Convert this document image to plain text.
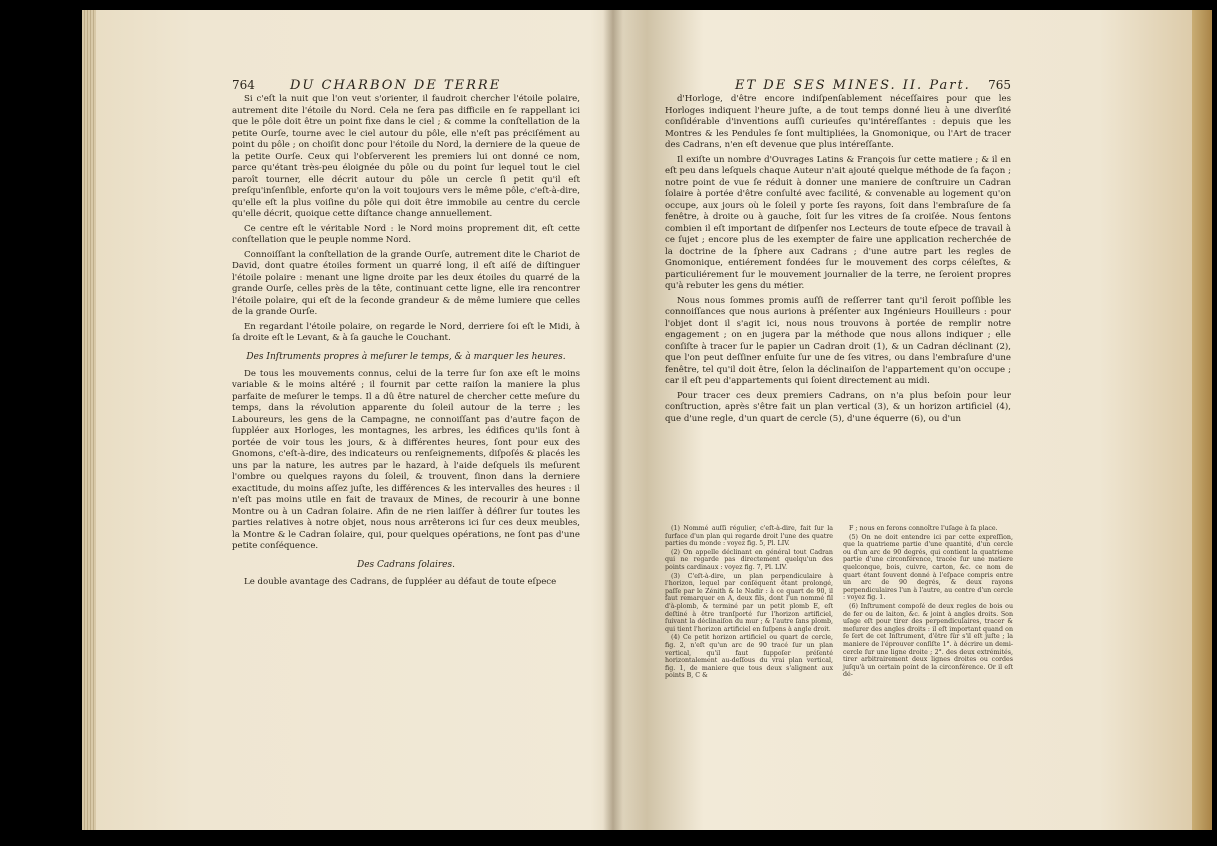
764	DU CHARBON DE TERRE

Si c'eſt la nuit que l'on veut s'orienter, il faudroit chercher l'étoile polaire, autrement dite l'étoile du Nord. Cela ne ſera pas difficile en ſe rappellant ici que le pôle doit être un point fixe dans le ciel ; & comme la conſtellation de la petite Ourſe, tourne avec le ciel autour du pôle, elle n'eſt pas préciſément au point du pôle ; on choiſit donc pour l'étoile du Nord, la derniere de la queue de la petite Ourſe. Ceux qui l'obſerverent les premiers lui ont donné ce nom, parce qu'étant très-peu éloignée du pôle ou du point ſur lequel tout le ciel paroît tourner, elle décrit autour du pôle un cercle ſi petit qu'il eſt preſqu'inſenſible, enforte qu'on la voit toujours vers le même pôle, c'eſt-à-dire, qu'elle eſt la plus voiſine du pôle qui doit être immobile au centre du cercle qu'elle décrit, quoique cette diſtance change annuellement.

Ce centre eſt le véritable Nord : le Nord moins proprement dit, eſt cette conſtellation que le peuple nomme Nord.

Connoiſſant la conſtellation de la grande Ourſe, autrement dite le Chariot de David, dont quatre étoiles forment un quarré long, il eſt aiſé de diſtinguer l'étoile polaire : menant une ligne droite par les deux étoiles du quarré de la grande Ourſe, celles près de la tête, continuant cette ligne, elle ira rencontrer l'étoile polaire, qui eſt de la ſeconde grandeur & de même lumiere que celles de la grande Ourſe.

En regardant l'étoile polaire, on regarde le Nord, derriere ſoi eſt le Midi, à ſa droite eſt le Levant, & à ſa gauche le Couchant.

Des Inſtruments propres à meſurer le temps, & à marquer les heures.

De tous les mouvements connus, celui de la terre ſur ſon axe eſt le moins variable & le moins altéré ; il fournit par cette raiſon la maniere la plus parfaite de meſurer le temps. Il a dû être naturel de chercher cette meſure du temps, dans la révolution apparente du ſoleil autour de la terre ; les Laboureurs, les gens de la Campagne, ne connoiſſant pas d'autre façon de ſuppléer aux Horloges, les montagnes, les arbres, les édifices qu'ils ſont à portée de voir tous les jours, & à différentes heures, ſont pour eux des Gnomons, c'eſt-à-dire, des indicateurs ou renſeignements, diſpoſés & placés les uns par la nature, les autres par le hazard, à l'aide deſquels ils meſurent l'ombre ou quelques rayons du ſoleil, & trouvent, ſinon dans la derniere exactitude, du moins aſſez juſte, les différences & les intervalles des heures : il n'eſt pas moins utile en fait de travaux de Mines, de recourir à une bonne Montre ou à un Cadran ſolaire. Afin de ne rien laiſſer à déſirer ſur toutes les parties relatives à notre objet, nous nous arrêterons ici ſur ces deux meubles, la Montre & le Cadran ſolaire, qui, pour quelques opérations, ne ſont pas d'une petite conſéquence.

Des Cadrans ſolaires.

Le double avantage des Cadrans, de ſuppléer au défaut de toute eſpece

ET DE SES MINES. II. Part. 765

d'Horloge, d'être encore indiſpenſablement néceſſaires pour que les Horloges indiquent l'heure juſte, a de tout temps donné lieu à une diverſité conſidérable d'inventions auſſi curieuſes qu'intéreſſantes : depuis que les Montres & les Pendules ſe ſont multipliées, la Gnomonique, ou l'Art de tracer des Cadrans, n'en eſt devenue que plus intéreſſante.

Il exiſte un nombre d'Ouvrages Latins & François ſur cette matiere ; & il en eſt peu dans leſquels chaque Auteur n'ait ajouté quelque méthode de ſa façon ; notre point de vue ſe réduit à donner une maniere de conſtruire un Cadran ſolaire à portée d'être conſulté avec facilité, & convenable au logement qu'on occupe, aux jours où le ſoleil y porte ſes rayons, ſoit dans l'embraſure de ſa fenêtre, à droite ou à gauche, ſoit ſur les vitres de ſa croiſée. Nous ſentons combien il eſt important de diſpenſer nos Lecteurs de toute eſpece de travail à ce ſujet ; encore plus de les exempter de faire une application recherchée de la doctrine de la ſphere aux Cadrans ; d'une autre part les regles de Gnomonique, entiérement fondées ſur le mouvement des corps céleſtes, & particuliérement ſur le mouvement journalier de la terre, ne ſeroient propres qu'à rebuter les gens du métier.

Nous nous ſommes promis auſſi de reſſerrer tant qu'il ſeroit poſſible les connoiſſances que nous aurions à préſenter aux Ingénieurs Houilleurs : pour l'objet dont il s'agit ici, nous nous trouvons à portée de remplir notre engagement ; on en jugera par la méthode que nous allons indiquer ; elle conſiſte à tracer ſur le papier un Cadran droit (1), & un Cadran déclinant (2), que l'on peut deſſiner enſuite ſur une de ſes vitres, ou dans l'embraſure d'une fenêtre, tel qu'il doit être, ſelon la déclinaiſon de l'appartement qu'on occupe ; car il eſt peu d'appartements qui ſoient directement au midi.

Pour tracer ces deux premiers Cadrans, on n'a plus beſoin pour leur conſtruction, après s'être fait un plan vertical (3), & un horizon artificiel (4), que d'une regle, d'un quart de cercle (5), d'une équerre (6), ou d'un

(1) Nommé auſſi régulier, c'eſt-à-dire, fait ſur la ſurface d'un plan qui regarde droit l'une des quatre parties du monde : voyez fig. 5, Pl. LIV.

(2) On appelle déclinant en général tout Cadran qui ne regarde pas directement quelqu'un des points cardinaux : voyez fig. 7, Pl. LIV.

(3) C'eſt-à-dire, un plan perpendiculaire à l'horizon, lequel par conſéquent étant prolongé, paſſe par le Zénith & le Nadir : à ce quart de 90, il faut remarquer en A, deux fils, dont l'un nommé fil d'à-plomb, & terminé par un petit plomb E, eſt deſtiné à être tranſporté ſur l'horizon artificiel, ſuivant la déclinaiſon du mur ; & l'autre ſans plomb, qui tient l'horizon artificiel en ſuſpens à angle droit.

(4) Ce petit horizon artificiel ou quart de cercle, fig. 2, n'eſt qu'un arc de 90 tracé ſur un plan vertical, qu'il faut ſuppoſer préſenté horizontalement au-deſſous du vrai plan vertical, fig. 1, de maniere que tous deux s'alignent aux points B, C &

F ; nous en ferons connoître l'uſage à ſa place.

(5) On ne doit entendre ici par cette expreſſion, que la quatrieme partie d'une quantité, d'un cercle ou d'un arc de 90 degrés, qui contient la quatrieme partie d'une circonférence, tracée ſur une matiere quelconque, bois, cuivre, carton, &c. ce nom de quart étant ſouvent donné à l'eſpace compris entre un arc de 90 degrés, & deux rayons perpendiculaires l'un à l'autre, au centre d'un cercle : voyez fig. 1.

(6) Inſtrument compoſé de deux regles de bois ou de fer ou de laiton, &c. & joint à angles droits. Son uſage eſt pour tirer des perpendiculaires, tracer & meſurer des angles droits : il eſt important quand on ſe ſert de cet Inſtrument, d'être ſûr s'il eſt juſte ; la maniere de l'éprouver conſiſte 1°. à décrire un demi-cercle ſur une ligne droite ; 2°. des deux extrémités, tirer arbitrairement deux lignes droites ou cordes juſqu'à un certain point de la circonférence. Or il eſt dé-
